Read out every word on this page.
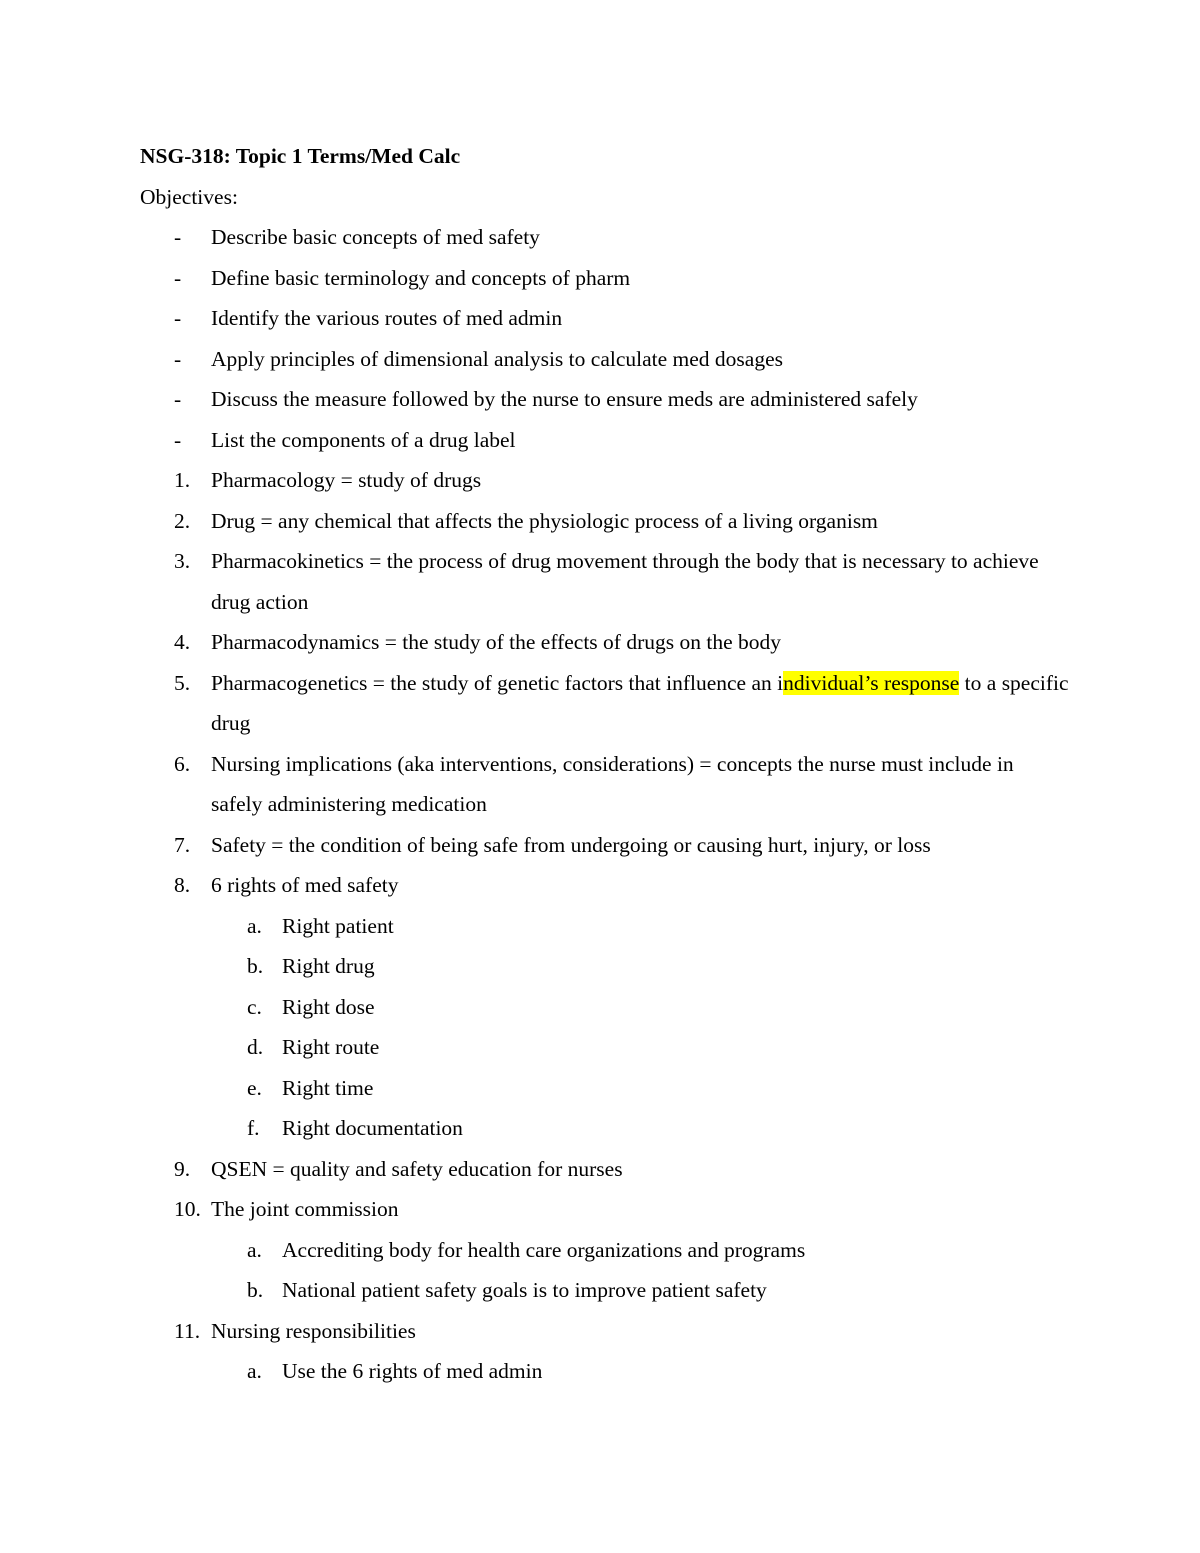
NSG-318: Topic 1 Terms/Med Calc

Objectives:

-	Describe basic concepts of med safety
-	Define basic terminology and concepts of pharm
-	Identify the various routes of med admin
-	Apply principles of dimensional analysis to calculate med dosages
-	Discuss the measure followed by the nurse to ensure meds are administered safely
-	List the components of a drug label
1. Pharmacology = study of drugs
2. Drug = any chemical that affects the physiologic process of a living organism
3. Pharmacokinetics = the process of drug movement through the body that is necessary to achieve drug action
4. Pharmacodynamics = the study of the effects of drugs on the body
5. Pharmacogenetics = the study of genetic factors that influence an individual’s response to a specific drug
6. Nursing implications (aka interventions, considerations) = concepts the nurse must include in safely administering medication
7. Safety = the condition of being safe from undergoing or causing hurt, injury, or loss
8. 6 rights of med safety
a. Right patient
b. Right drug
c. Right dose
d. Right route
e. Right time
f.	Right documentation
9. QSEN = quality and safety education for nurses
10. The joint commission
a. Accrediting body for health care organizations and programs
b. National patient safety goals is to improve patient safety
11. Nursing responsibilities
a. Use the 6 rights of med admin
